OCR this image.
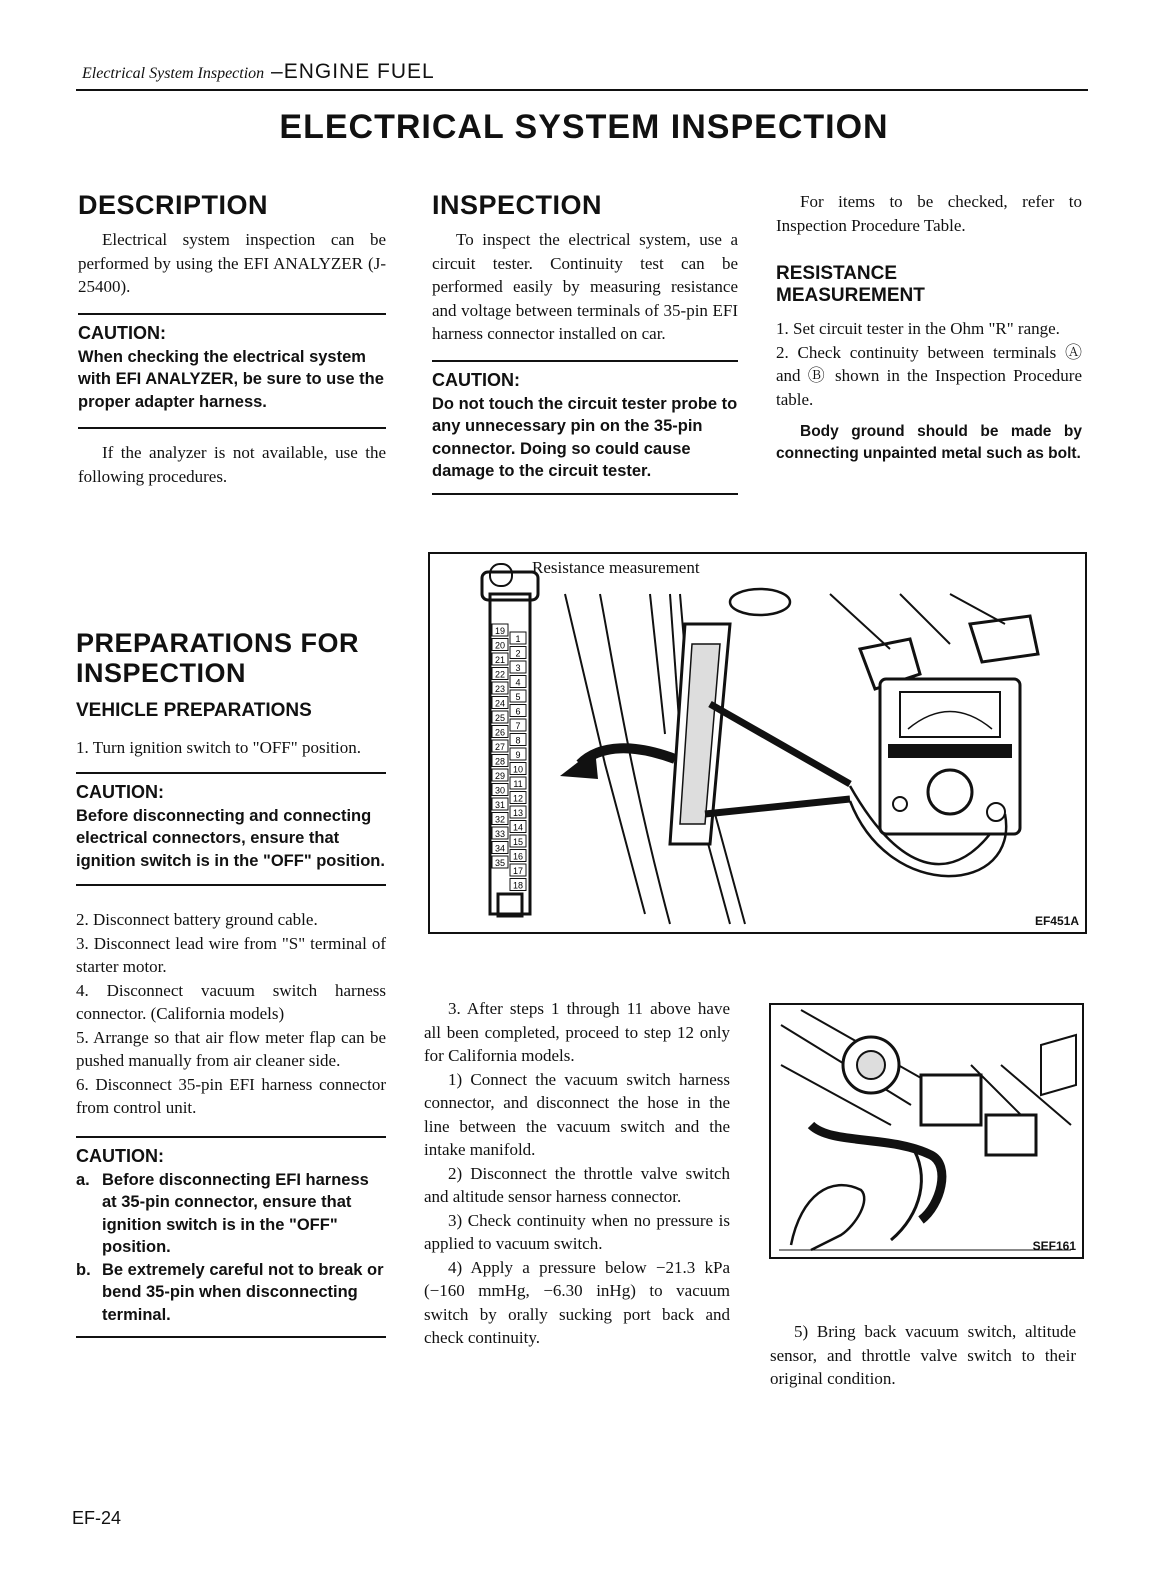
Electrical System Inspection –ENGINE FUEL
ELECTRICAL SYSTEM INSPECTION
DESCRIPTION
Electrical system inspection can be performed by using the EFI ANALYZER (J-25400).
CAUTION:
When checking the electrical system with EFI ANALYZER, be sure to use the proper adapter harness.
If the analyzer is not available, use the following procedures.
INSPECTION
To inspect the electrical system, use a circuit tester. Continuity test can be performed easily by measuring resistance and voltage between terminals of 35-pin EFI harness connector installed on car.
CAUTION:
Do not touch the circuit tester probe to any unnecessary pin on the 35-pin connector. Doing so could cause damage to the circuit tester.
For items to be checked, refer to Inspection Procedure Table.
RESISTANCE MEASUREMENT
1. Set circuit tester in the Ohm "R" range.
2. Check continuity between terminals Ⓐ and Ⓑ shown in the Inspection Procedure table.
Body ground should be made by connecting unpainted metal such as bolt.
PREPARATIONS FOR INSPECTION
VEHICLE PREPARATIONS
1. Turn ignition switch to "OFF" position.
CAUTION:
Before disconnecting and connecting electrical connectors, ensure that ignition switch is in the "OFF" position.
2. Disconnect battery ground cable.
3. Disconnect lead wire from "S" terminal of starter motor.
4. Disconnect vacuum switch harness connector. (California models)
5. Arrange so that air flow meter flap can be pushed manually from air cleaner side.
6. Disconnect 35-pin EFI harness connector from control unit.
CAUTION:
a. Before disconnecting EFI harness at 35-pin connector, ensure that ignition switch is in the "OFF" position.
b. Be extremely careful not to break or bend 35-pin when disconnecting terminal.
19
20
21
22
23
24
25
26
27
28
29
30
31
32
33
34
35
1
2
3
4
5
6
7
8
9
10
11
12
13
14
15
16
17
18
Resistance measurement
EF451A
3. After steps 1 through 11 above have all been completed, proceed to step 12 only for California models.
1) Connect the vacuum switch harness connector, and disconnect the hose in the line between the vacuum switch and the intake manifold.
2) Disconnect the throttle valve switch and altitude sensor harness connector.
3) Check continuity when no pressure is applied to vacuum switch.
4) Apply a pressure below −21.3 kPa (−160 mmHg, −6.30 inHg) to vacuum switch by orally sucking port back and check continuity.
SEF161
5) Bring back vacuum switch, altitude sensor, and throttle valve switch to their original condition.
EF-24
